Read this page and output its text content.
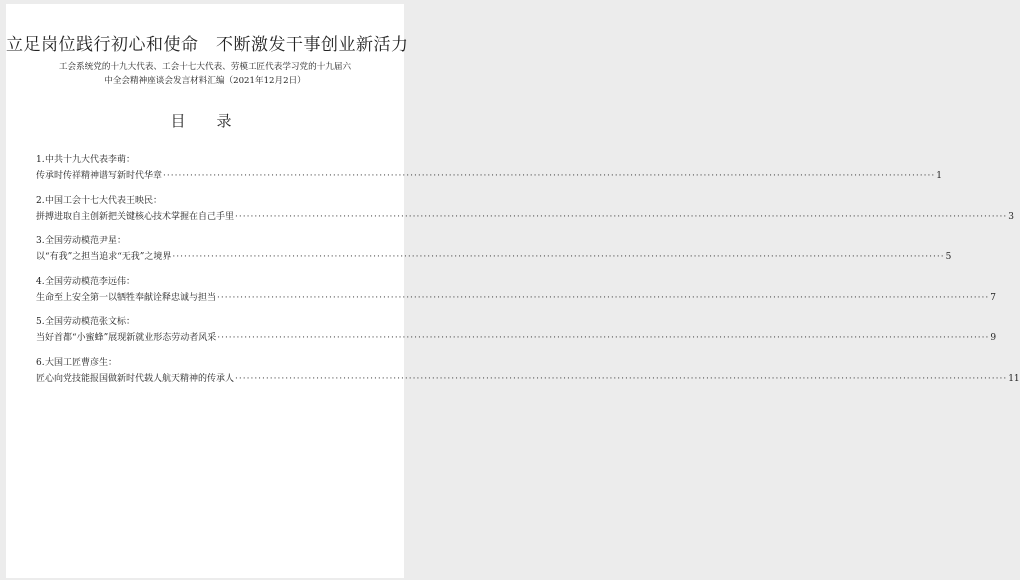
立足岗位践行初心和使命　不断激发干事创业新活力
工会系统党的十九大代表、工会十七大代表、劳模工匠代表学习党的十九届六
中全会精神座谈会发言材料汇编（2021年12月2日）
目　录
1.中共十九大代表李萌：
传承时传祥精神谱写新时代华章 ········································································································································································································ 1
2.中国工会十七大代表王映民：
拼搏进取自主创新把关键核心技术掌握在自己手里 ········································································································································································································ 3
3.全国劳动模范尹星：
以“有我”之担当追求“无我”之境界 ········································································································································································································ 5
4.全国劳动模范李远伟：
生命至上安全第一以牺牲奉献诠释忠诚与担当 ········································································································································································································ 7
5.全国劳动模范张文标：
当好首都“小蜜蜂”展现新就业形态劳动者风采 ········································································································································································································ 9
6.大国工匠曹彦生：
匠心向党技能报国做新时代载人航天精神的传承人 ········································································································································································································ 11
